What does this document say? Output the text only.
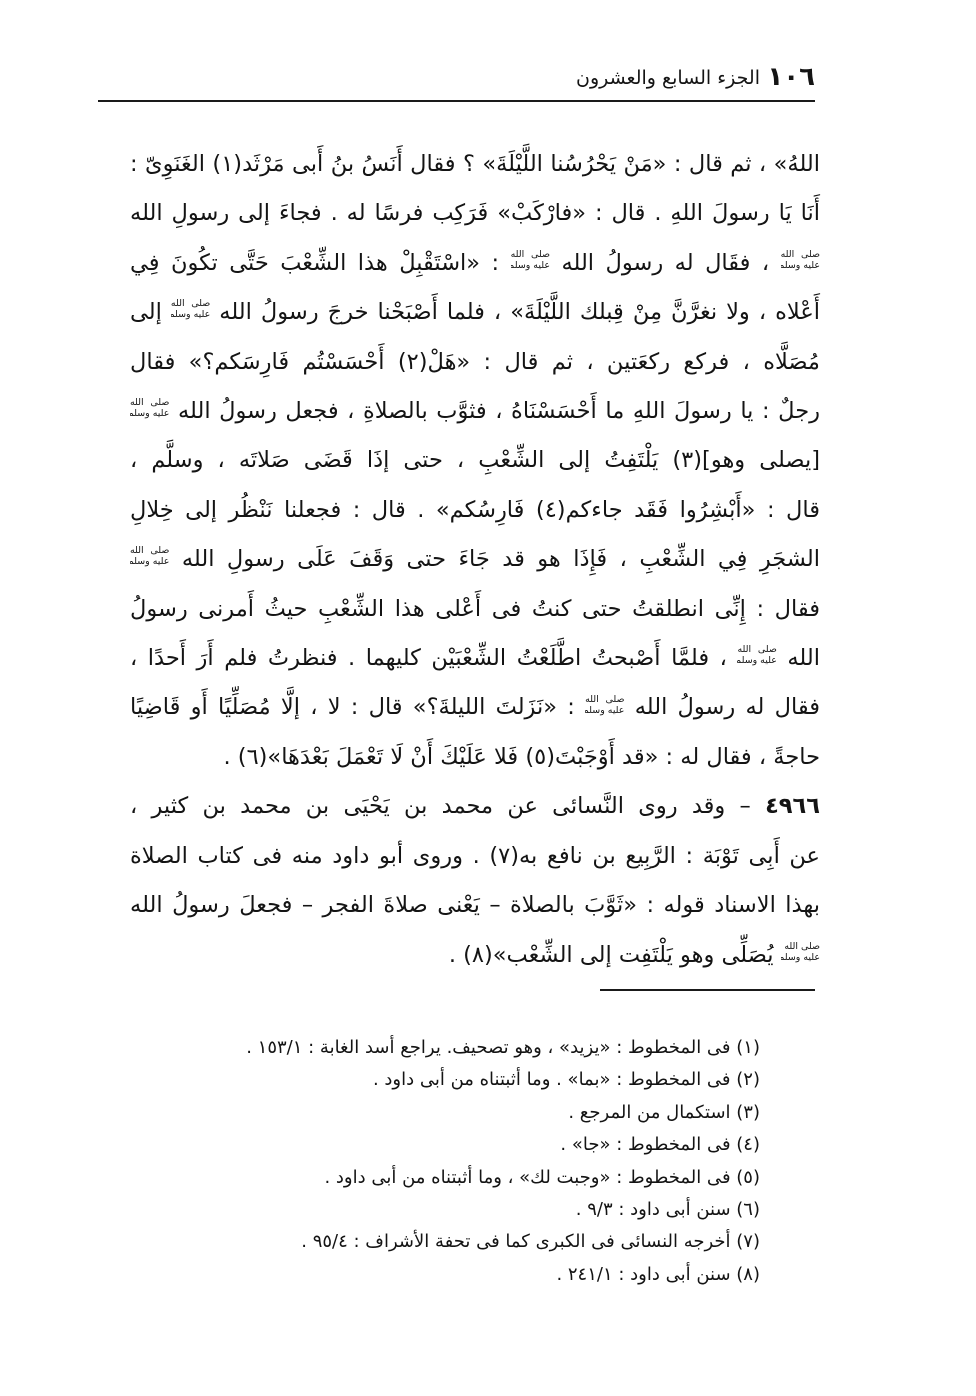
١٠٦
الجزء السابع والعشرون
اللهُ» ، ثم قال : «مَنْ يَحْرُسُنا اللَّيْلَةَ» ؟ فقال أَنَسُ بنُ أَبى مَرْثَد(١) الغَنَوِىّ :
أَنَا يَا رسولَ اللهِ . قال : «فارْكَبْ» فَرَكِب فرسًا له . فجاءَ إلى رسولِ الله
، فقَال له رسولُ الله  : «اسْتَقْبِلْ هذا الشِّعْبَ حَتَّى تكُونَ فِي
أَعْلاه ، ولا نغرَّنَّ مِنْ قِبلك اللَّيْلَةَ» ، فلما أَصْبَحْنا خرجَ رسولُ الله  إلى
مُصَلَّاه ، فركع ركعَتين ، ثم قال : «هَلْ(٢) أَحْسَسْتُم فَارِسَكم؟» فقال
رجلٌ : يا رسولَ اللهِ ما أَحْسَسْنَاهُ ، فثوَّب بالصلاةِ ، فجعل رسولُ الله
[يصلى وهو](٣) يَلْتَفِتُ إلى الشِّعْبِ ، حتى إذَا قَضَى صَلاتَه ، وسلَّم ،
قال : «أَبْشِرُوا فَقَد جاءكم(٤) فَارِسُكم» . قال : فجعلنا نَنْظُر إلى خِلالِ
الشجَرِ فِي الشِّعْبِ ، فَإِذَا هو قد جَاءَ حتى وَقَفَ عَلَى رسولِ الله
فقال : إِنِّى انطلقتُ حتى كنتُ فى أَعْلى هذا الشِّعْبِ حيثُ أَمرنى رسولُ
الله  ، فلمَّا أَصْبحتُ اطَّلَعْتُ الشِّعْبَيْن كليهما . فنظرتُ فلم أَرَ أَحدًا ،
فقال له رسولُ الله  : «نَزَلتَ الليلةَ؟» قال : لا ، إلَّا مُصَلِّيًا أَو قَاضِيًا
حاجةً ، فقال له : «قد أَوْجَبْتَ(٥) فَلا عَلَيْكَ أَنْ لَا تَعْمَلَ بَعْدَهَا»(٦) .
٤٩٦٦ – وقد روى النَّسائى عن محمد بن يَحْيَى بن محمد بن كثير ،
عن أَبِى تَوْبَة : الرَّبِيع بن نافع به(٧) . وروى أبو داود منه فى كتاب الصلاة
بهذا الاسناد قوله : «ثَوَّبَ بالصلاة – يَعْنى صلاةَ الفجر – فجعلَ رسولُ الله
يُصَلِّى وهو يَلْتَفِت إلى الشِّعْب»(٨) .
(١) فى المخطوط : «يزيد» ، وهو تصحيف. يراجع أسد الغابة : ١٥٣/١ .
(٢) فى المخطوط : «بما» . وما أثبتناه من أبى داود .
(٣) استكمال من المرجع .
(٤) فى المخطوط : «جا» .
(٥) فى المخطوط : «وجبت لك» ، وما أثبتناه من أبى داود .
(٦) سنن أبى داود : ٩/٣ .
(٧) أخرجه النسائى فى الكبرى كما فى تحفة الأشراف : ٩٥/٤ .
(٨) سنن أبى داود : ٢٤١/١ .
